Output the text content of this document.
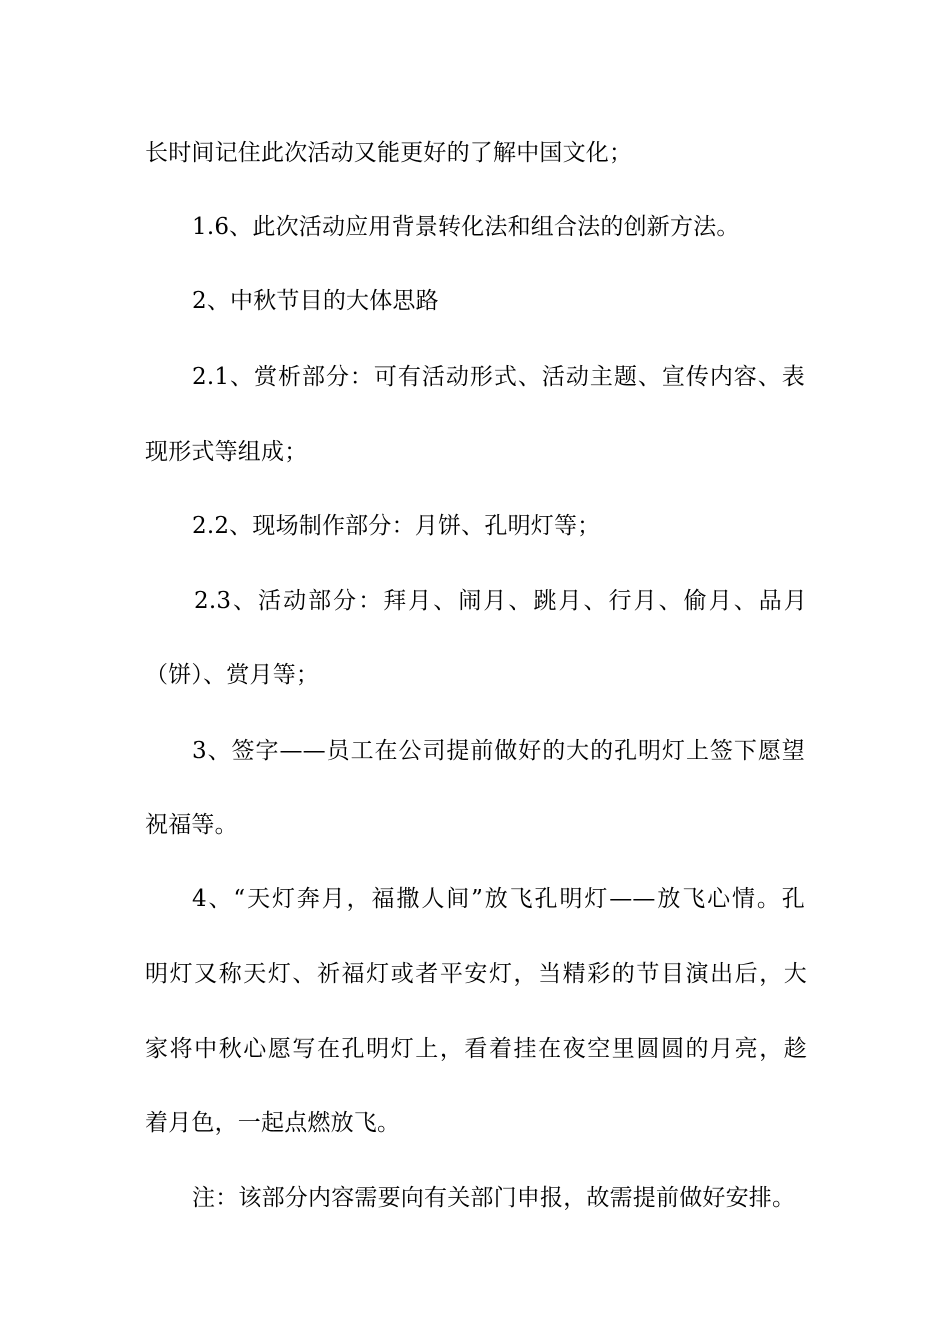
长时间记住此次活动又能更好的了解中国文化；
1.6、此次活动应用背景转化法和组合法的创新方法。
2、中秋节目的大体思路
2.1、赏析部分：可有活动形式、活动主题、宣传内容、表
现形式等组成；
2.2、现场制作部分：月饼、孔明灯等；
2.3、活动部分：拜月、闹月、跳月、行月、偷月、品月
（饼）、赏月等；
3、签字——员工在公司提前做好的大的孔明灯上签下愿望
祝福等。
4、“天灯奔月，福撒人间”放飞孔明灯——放飞心情。孔
明灯又称天灯、祈福灯或者平安灯，当精彩的节目演出后，大
家将中秋心愿写在孔明灯上，看着挂在夜空里圆圆的月亮，趁
着月色，一起点燃放飞。
注：该部分内容需要向有关部门申报，故需提前做好安排。
